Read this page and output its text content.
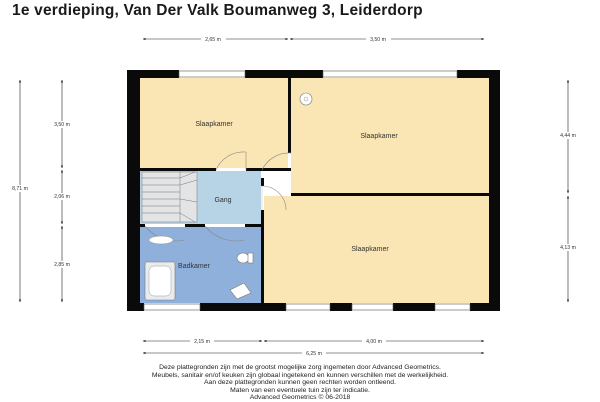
1e verdieping, Van Der Valk Boumanweg 3, Leiderdorp
Slaapkamer
Slaapkamer
Slaapkamer
Gang
Badkamer
2,65 m	3,50 m
2,15 m	4,00 m
6,25 m
8,71 m
3,50 m
2,06 m
2,85 m
4,44 m
4,13 m
Deze plattegronden zijn met de grootst mogelijke zorg ingemeten door Advanced Geometrics.
Meubels, sanitair en/of keuken zijn globaal ingetekend en kunnen verschillen met de werkelijkheid.
Aan deze plattegronden kunnen geen rechten worden ontleend.
Maten van een eventuele tuin zijn ter indicatie.
Advanced Geometrics © 06-2018
